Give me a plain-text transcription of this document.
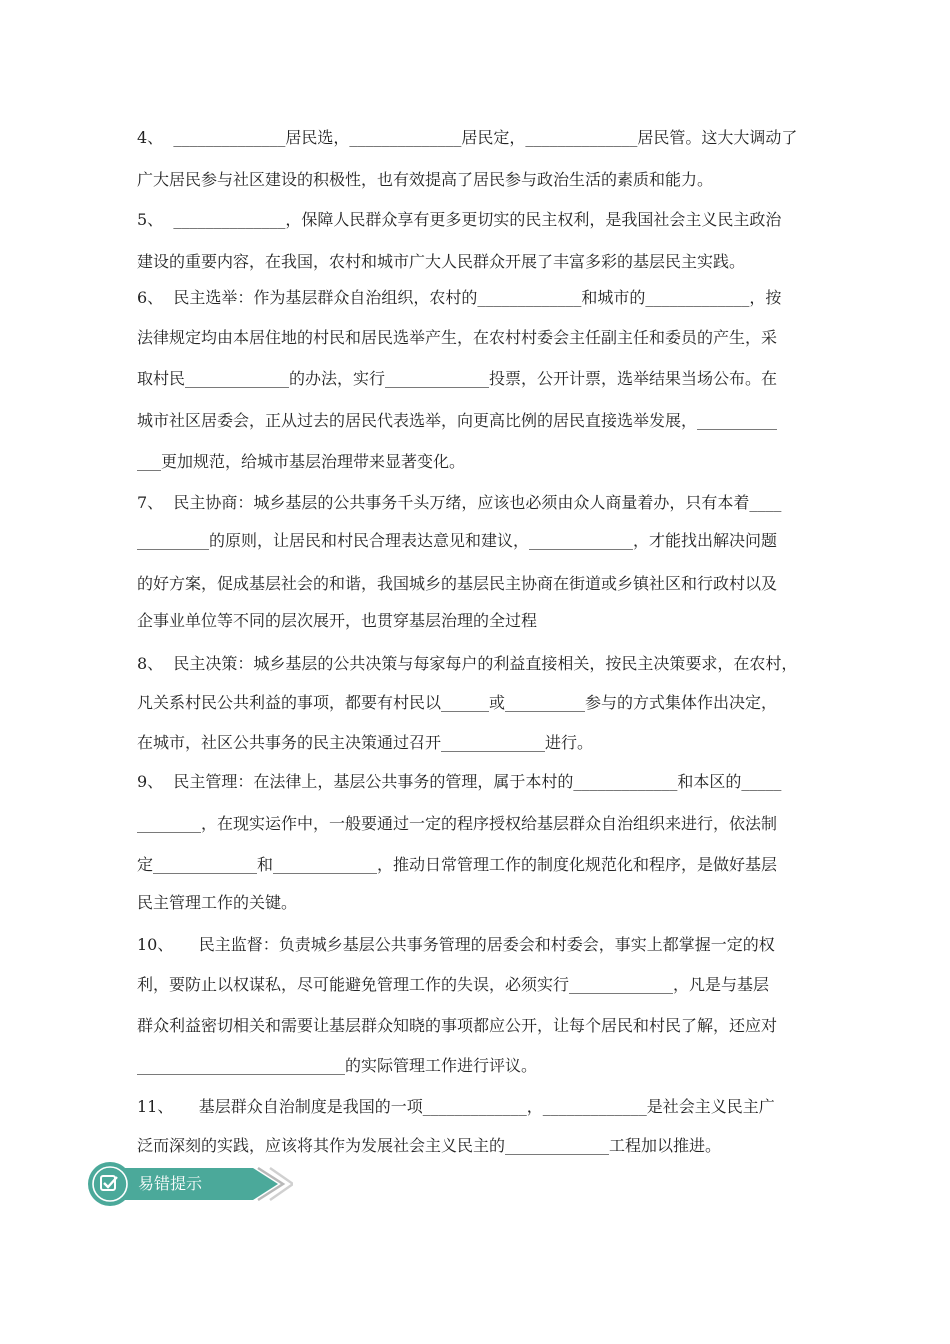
4、  ______________居民选，______________居民定，______________居民管。这大大调动了
广大居民参与社区建设的积极性，也有效提高了居民参与政治生活的素质和能力。
5、  ______________，保障人民群众享有更多更切实的民主权利，是我国社会主义民主政治
建设的重要内容，在我国，农村和城市广大人民群众开展了丰富多彩的基层民主实践。
6、  民主选举：作为基层群众自治组织，农村的_____________和城市的_____________，按
法律规定均由本居住地的村民和居民选举产生，在农村村委会主任副主任和委员的产生，采
取村民_____________的办法，实行_____________投票，公开计票，选举结果当场公布。在
城市社区居委会，正从过去的居民代表选举，向更高比例的居民直接选举发展，__________
___更加规范，给城市基层治理带来显著变化。
7、  民主协商：城乡基层的公共事务千头万绪，应该也必须由众人商量着办，只有本着____
_________的原则，让居民和村民合理表达意见和建议，_____________，才能找出解决问题
的好方案，促成基层社会的和谐，我国城乡的基层民主协商在街道或乡镇社区和行政村以及
企事业单位等不同的层次展开，也贯穿基层治理的全过程
8、  民主决策：城乡基层的公共决策与每家每户的利益直接相关，按民主决策要求，在农村，
凡关系村民公共利益的事项，都要有村民以______或__________参与的方式集体作出决定，
在城市，社区公共事务的民主决策通过召开_____________进行。
9、  民主管理：在法律上，基层公共事务的管理，属于本村的_____________和本区的_____
________，在现实运作中，一般要通过一定的程序授权给基层群众自治组织来进行，依法制
定_____________和_____________，推动日常管理工作的制度化规范化和程序，是做好基层
民主管理工作的关键。
10、     民主监督：负责城乡基层公共事务管理的居委会和村委会，事实上都掌握一定的权
利，要防止以权谋私，尽可能避免管理工作的失误，必须实行_____________，凡是与基层
群众利益密切相关和需要让基层群众知晓的事项都应公开，让每个居民和村民了解，还应对
__________________________的实际管理工作进行评议。
11、     基层群众自治制度是我国的一项_____________，_____________是社会主义民主广
泛而深刻的实践，应该将其作为发展社会主义民主的_____________工程加以推进。
易错提示
